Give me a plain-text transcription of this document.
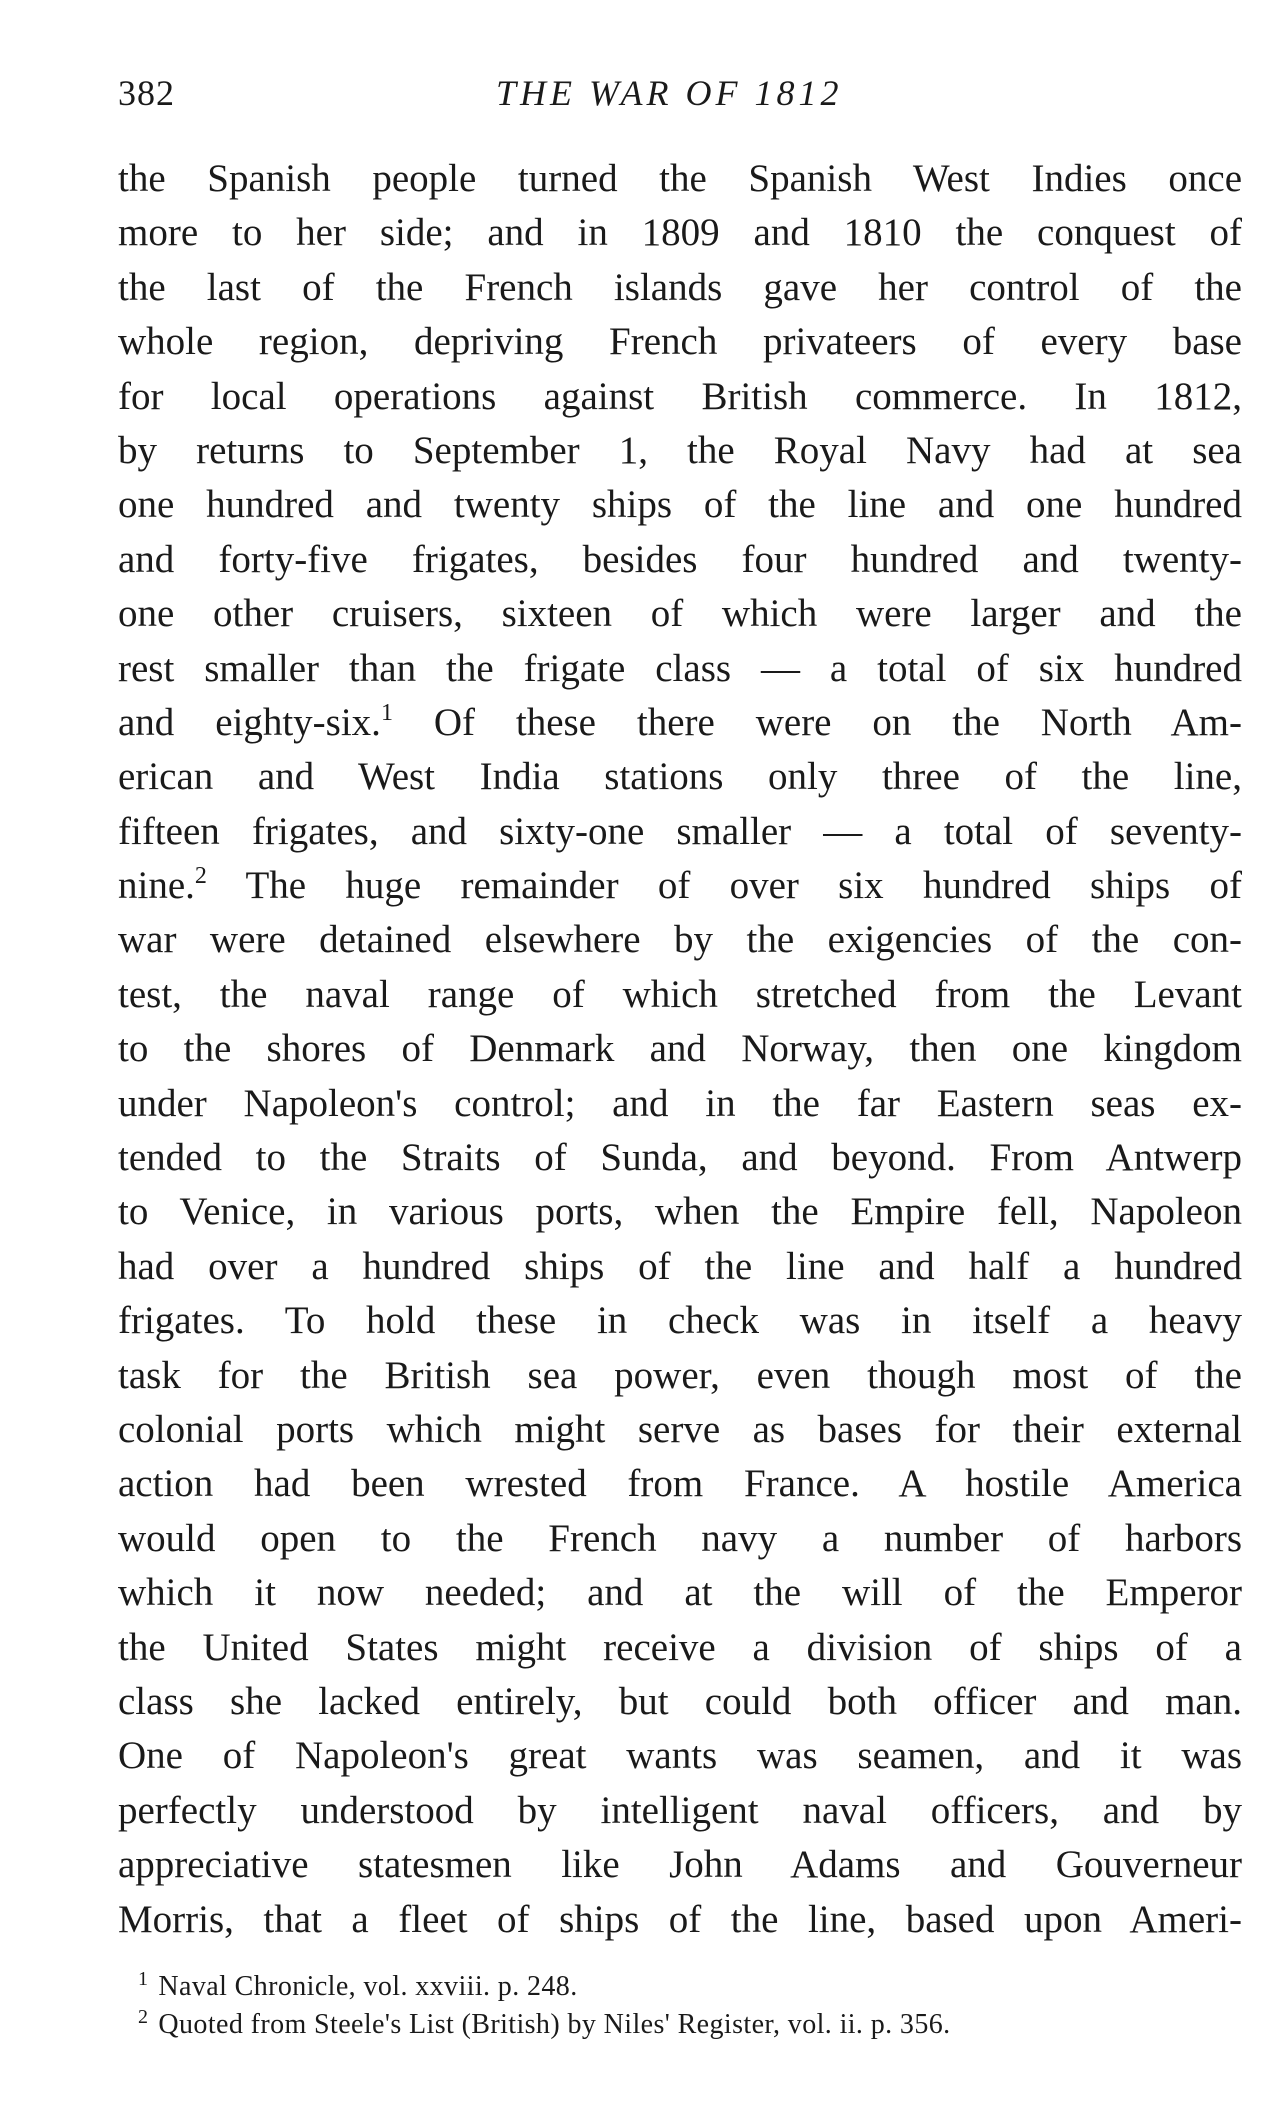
382	THE WAR OF 1812
the Spanish people turned the Spanish West Indies once
more to her side; and in 1809 and 1810 the conquest of
the last of the French islands gave her control of the
whole region, depriving French privateers of every base
for local operations against British commerce. In 1812,
by returns to September 1, the Royal Navy had at sea
one hundred and twenty ships of the line and one hundred
and forty-five frigates, besides four hundred and twenty-
one other cruisers, sixteen of which were larger and the
rest smaller than the frigate class — a total of six hundred
and eighty-six.$^1$ Of these there were on the North Am-
erican and West India stations only three of the line,
fifteen frigates, and sixty-one smaller — a total of seventy-
nine.$^2$ The huge remainder of over six hundred ships of
war were detained elsewhere by the exigencies of the con-
test, the naval range of which stretched from the Levant
to the shores of Denmark and Norway, then one kingdom
under Napoleon's control; and in the far Eastern seas ex-
tended to the Straits of Sunda, and beyond. From Antwerp
to Venice, in various ports, when the Empire fell, Napoleon
had over a hundred ships of the line and half a hundred
frigates. To hold these in check was in itself a heavy
task for the British sea power, even though most of the
colonial ports which might serve as bases for their external
action had been wrested from France. A hostile America
would open to the French navy a number of harbors
which it now needed; and at the will of the Emperor
the United States might receive a division of ships of a
class she lacked entirely, but could both officer and man.
One of Napoleon's great wants was seamen, and it was
perfectly understood by intelligent naval officers, and by
appreciative statesmen like John Adams and Gouverneur
Morris, that a fleet of ships of the line, based upon Ameri-
$^1$ Naval Chronicle, vol. xxviii. p. 248.
$^2$ Quoted from Steele's List (British) by Niles' Register, vol. ii. p. 356.
